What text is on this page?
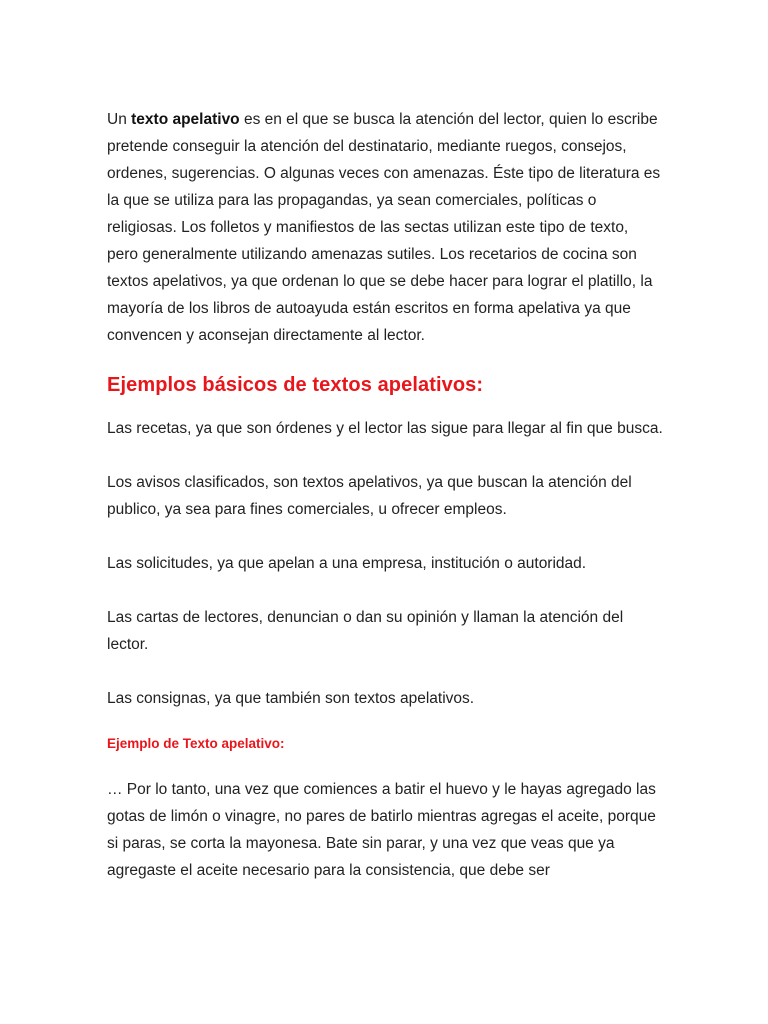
Un texto apelativo es en el que se busca la atención del lector, quien lo escribe pretende conseguir la atención del destinatario, mediante ruegos, consejos, ordenes, sugerencias. O algunas veces con amenazas. Éste tipo de literatura es la que se utiliza para las propagandas, ya sean comerciales, políticas o religiosas. Los folletos y manifiestos de las sectas utilizan este tipo de texto, pero generalmente utilizando amenazas sutiles. Los recetarios de cocina son textos apelativos, ya que ordenan lo que se debe hacer para lograr el platillo, la mayoría de los libros de autoayuda están escritos en forma apelativa ya que convencen y aconsejan directamente al lector.

Ejemplos básicos de textos apelativos:

Las recetas, ya que son órdenes y el lector las sigue para llegar al fin que busca.

Los avisos clasificados, son textos apelativos, ya que buscan la atención del publico, ya sea para fines comerciales, u ofrecer empleos.

Las solicitudes, ya que apelan a una empresa, institución o autoridad.

Las cartas de lectores, denuncian o dan su opinión y llaman la atención del lector.

Las consignas, ya que también son textos apelativos.

Ejemplo de Texto apelativo:

… Por lo tanto, una vez que comiences a batir el huevo y le hayas agregado las gotas de limón o vinagre, no pares de batirlo mientras agregas el aceite, porque si paras, se corta la mayonesa. Bate sin parar, y una vez que veas que ya agregaste el aceite necesario para la consistencia, que debe ser
